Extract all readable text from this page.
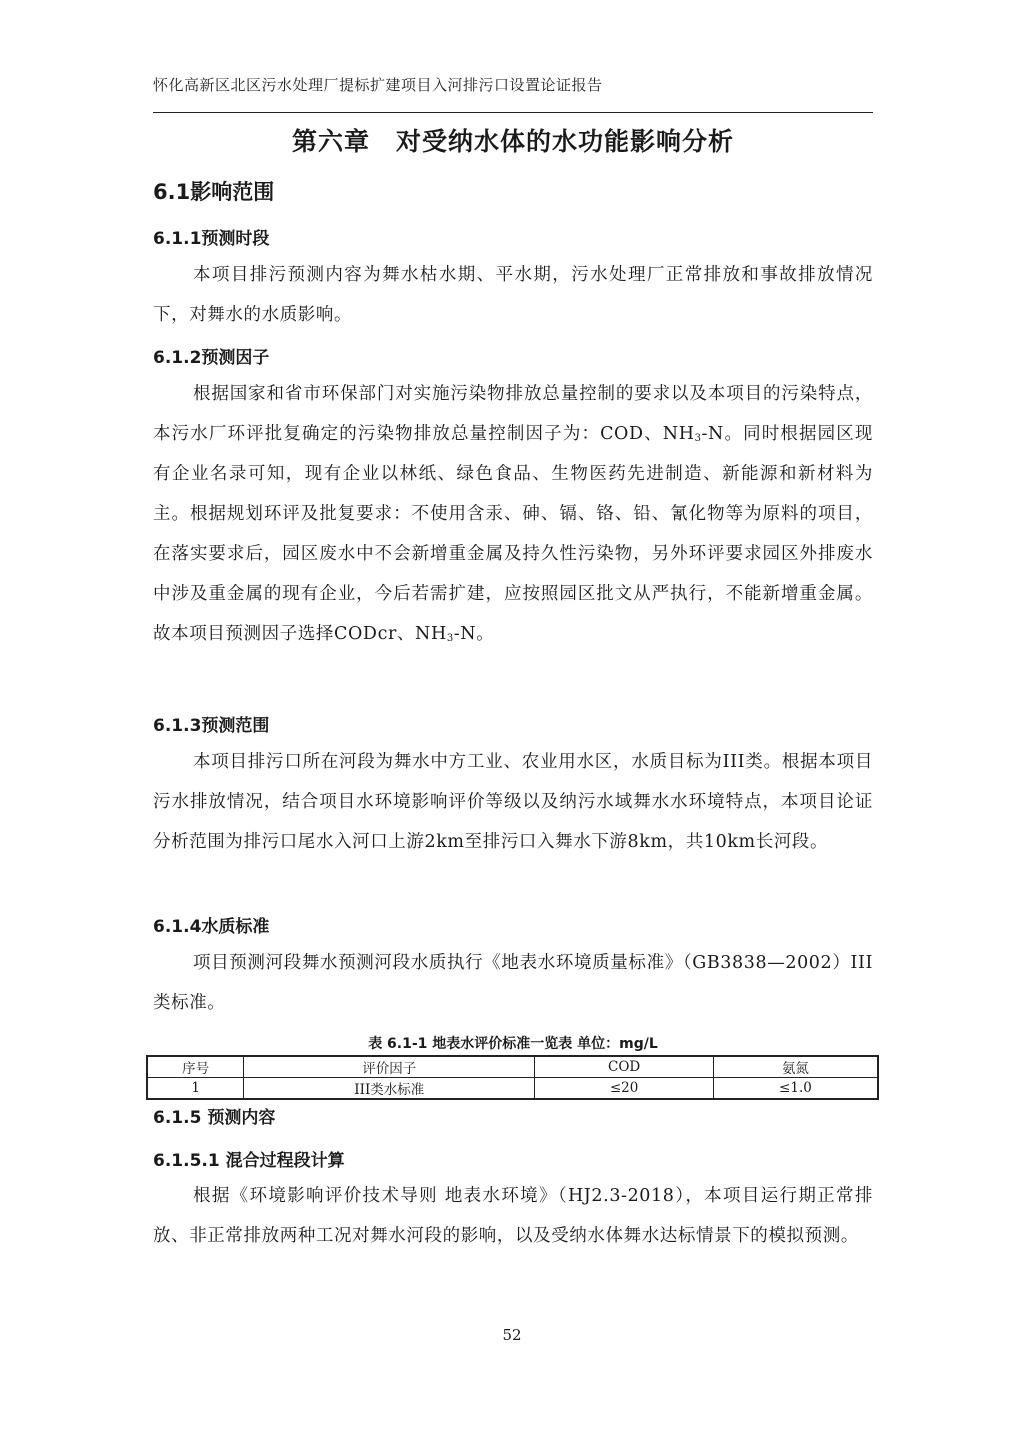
怀化高新区北区污水处理厂提标扩建项目入河排污口设置论证报告
第六章 对受纳水体的水功能影响分析
6.1影响范围
6.1.1预测时段
本项目排污预测内容为舞水枯水期、平水期，污水处理厂正常排放和事故排放情况下，对舞水的水质影响。
6.1.2预测因子
根据国家和省市环保部门对实施污染物排放总量控制的要求以及本项目的污染特点，本污水厂环评批复确定的污染物排放总量控制因子为：COD、$NH_3-N$。同时根据园区现有企业名录可知，现有企业以林纸、绿色食品、生物医药先进制造、新能源和新材料为主。根据规划环评及批复要求：不使用含汞、砷、镉、铬、铅、氰化物等为原料的项目，在落实要求后，园区废水中不会新增重金属及持久性污染物，另外环评要求园区外排废水中涉及重金属的现有企业，今后若需扩建，应按照园区批文从严执行，不能新增重金属。故本项目预测因子选择CODcr、$NH_3-N$。
6.1.3预测范围
本项目排污口所在河段为舞水中方工业、农业用水区，水质目标为III类。根据本项目污水排放情况，结合项目水环境影响评价等级以及纳污水域舞水水环境特点，本项目论证分析范围为排污口尾水入河口上游2km至排污口入舞水下游8km，共10km长河段。
6.1.4水质标准
项目预测河段舞水预测河段水质执行《地表水环境质量标准》（GB3838—2002）III类标准。
表 6.1-1 地表水评价标准一览表 单位：mg/L
序号	评价因子	COD	氨氮
1	III类水标准	≤20	≤1.0
6.1.5 预测内容
6.1.5.1 混合过程段计算
根据《环境影响评价技术导则 地表水环境》（HJ2.3-2018），本项目运行期正常排放、非正常排放两种工况对舞水河段的影响，以及受纳水体舞水达标情景下的模拟预测。
52
